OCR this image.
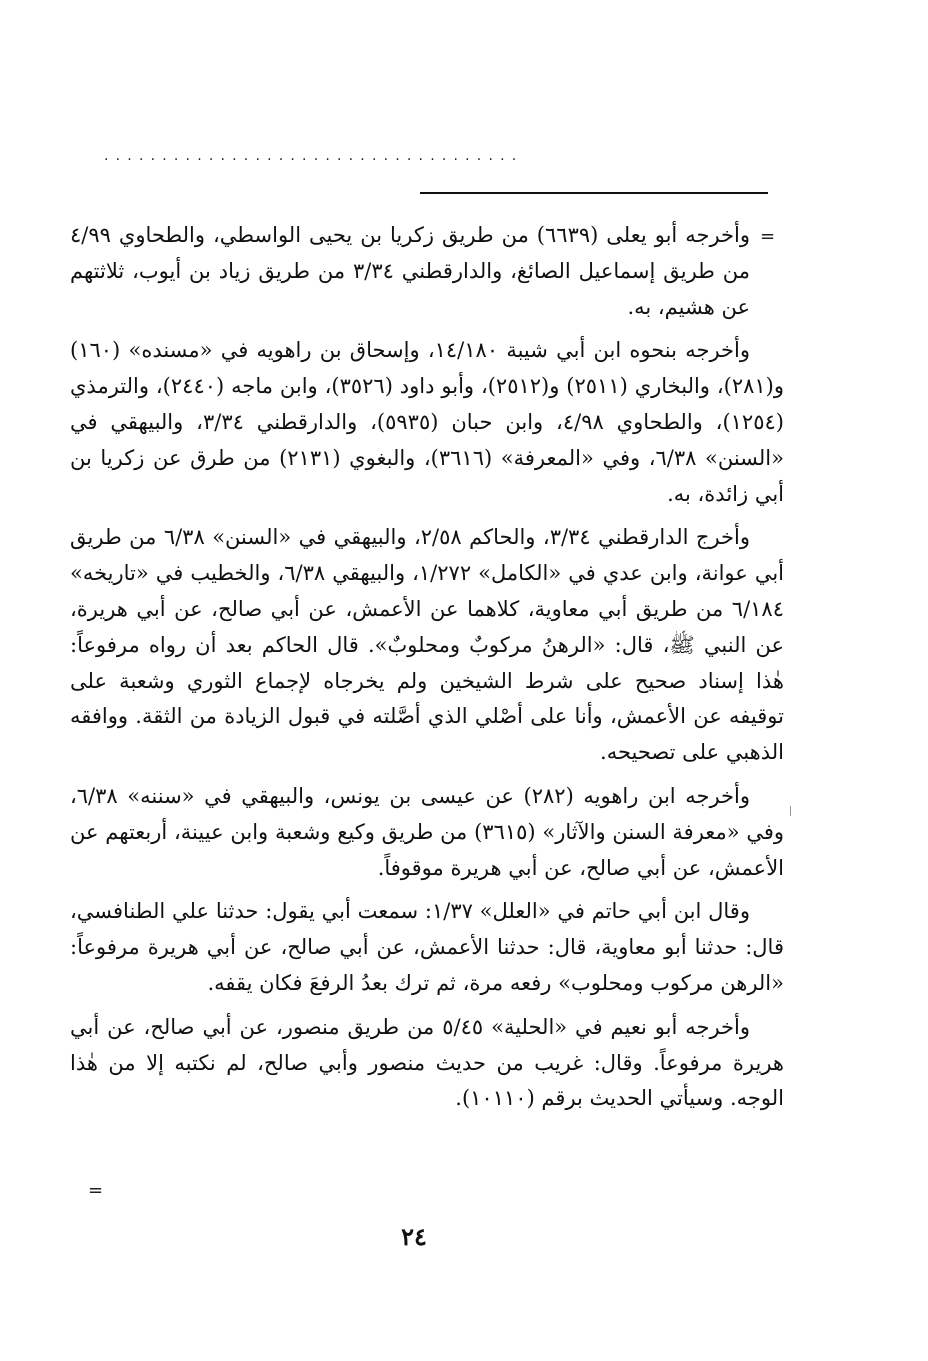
....................................
=

وأخرجه أبو يعلى (٦٦٣٩) من طريق زكريا بن يحيى الواسطي، والطحاوي ٤/٩٩ من طريق إسماعيل الصائغ، والدارقطني ٣/٣٤ من طريق زياد بن أيوب، ثلاثتهم عن هشيم، به.

وأخرجه بنحوه ابن أبي شيبة ١٤/١٨٠، وإسحاق بن راهويه في «مسنده» (١٦٠) و(٢٨١)، والبخاري (٢٥١١) و(٢٥١٢)، وأبو داود (٣٥٢٦)، وابن ماجه (٢٤٤٠)، والترمذي (١٢٥٤)، والطحاوي ٤/٩٨، وابن حبان (٥٩٣٥)، والدارقطني ٣/٣٤، والبيهقي في «السنن» ٦/٣٨، وفي «المعرفة» (٣٦١٦)، والبغوي (٢١٣١) من طرق عن زكريا بن أبي زائدة، به.

وأخرج الدارقطني ٣/٣٤، والحاكم ٢/٥٨، والبيهقي في «السنن» ٦/٣٨ من طريق أبي عوانة، وابن عدي في «الكامل» ١/٢٧٢، والبيهقي ٦/٣٨، والخطيب في «تاريخه» ٦/١٨٤ من طريق أبي معاوية، كلاهما عن الأعمش، عن أبي صالح، عن أبي هريرة، عن النبي ﷺ، قال: «الرهنُ مركوبٌ ومحلوبٌ». قال الحاكم بعد أن رواه مرفوعاً: هٰذا إسناد صحيح على شرط الشيخين ولم يخرجاه لإجماع الثوري وشعبة على توقيفه عن الأعمش، وأنا على أصْلي الذي أصَّلته في قبول الزيادة من الثقة. ووافقه الذهبي على تصحيحه.

وأخرجه ابن راهويه (٢٨٢) عن عيسى بن يونس، والبيهقي في «سننه» ٦/٣٨، وفي «معرفة السنن والآثار» (٣٦١٥) من طريق وكيع وشعبة وابن عيينة، أربعتهم عن الأعمش، عن أبي صالح، عن أبي هريرة موقوفاً.

وقال ابن أبي حاتم في «العلل» ١/٣٧: سمعت أبي يقول: حدثنا علي الطنافسي، قال: حدثنا أبو معاوية، قال: حدثنا الأعمش، عن أبي صالح، عن أبي هريرة مرفوعاً: «الرهن مركوب ومحلوب» رفعه مرة، ثم ترك بعدُ الرفعَ فكان يقفه.

وأخرجه أبو نعيم في «الحلية» ٥/٤٥ من طريق منصور، عن أبي صالح، عن أبي هريرة مرفوعاً. وقال: غريب من حديث منصور وأبي صالح، لم نكتبه إلا من هٰذا الوجه. وسيأتي الحديث برقم (١٠١١٠).

=
٢٤
